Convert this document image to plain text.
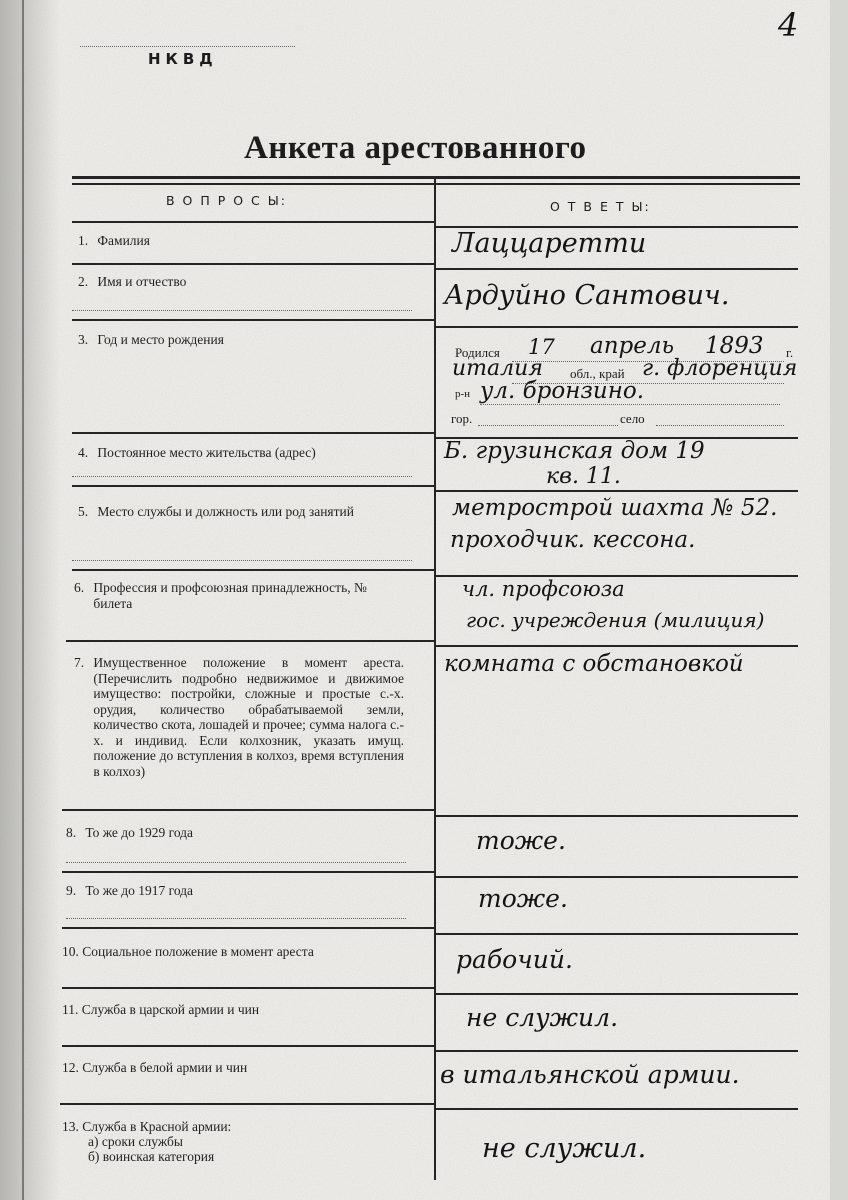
НКВД
4
Анкета арестованного
В О П Р О С Ы:	О Т В Е Т Ы:
1. Фамилия
2. Имя и отчество
3. Год и место рождения
4. Постоянное место жительства (адрес)
5. Место службы и должность или род занятий
6.
Профессия и профсоюзная принадлежность, № билета
7.
Имущественное положение в момент ареста. (Перечислить подробно недвижимое и движимое имущество: постройки, сложные и простые с.-х. орудия, количество обрабатываемой земли, количество скота, лошадей и прочее; сумма налога с.-х. и индивид. Если колхозник, указать имущ. положение до вступления в колхоз, время вступления в колхоз)
8. То же до 1929 года
9. То же до 1917 года
10. Социальное положение в момент ареста
11. Служба в царской армии и чин
12. Служба в белой армии и чин
13. Служба в Красной армии:
а) сроки службы
б) воинская категория
Лаццаретти
Ардуйно Сантович.
Родился 17 апрель 1893 г.
италия обл., край г. флоренция
р-н ул. бронзино.
гор.	село
Б. грузинская дом 19
кв. 11.
метрострой шахта № 52.
проходчик. кессона.
чл. профсоюза
гос. учреждения (милиция)
комната с обстановкой
тоже.
тоже.
рабочий.
не служил.
в итальянской армии.
не служил.
